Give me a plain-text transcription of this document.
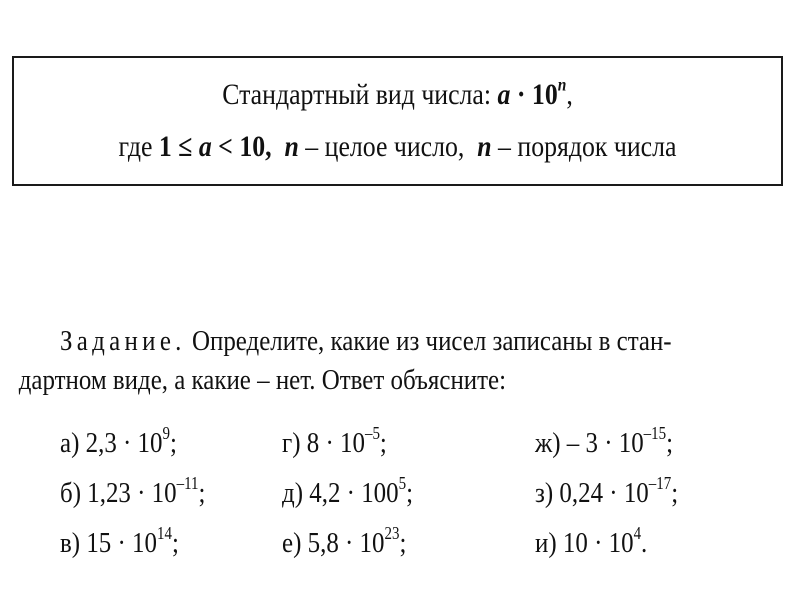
Стандартный вид числа: $a \cdot 10^n$,
где 1 ≤ a < 10, n – целое число, n – порядок числа
Задание. Определите, какие из чисел записаны в стан-
дартном виде, а какие – нет. Ответ объясните:
а) $2,3 \cdot 10^9$;	г) $8 \cdot 10^{-5}$;	$ж) - 3 \cdot 10^{-15}$;
б) $1,23 \cdot 10^{-11}$;	д) $4,2 \cdot 100^5$;	з) $0,24 \cdot 10^{-17}$;
в) $15 \cdot 10^{14}$;	е) $5,8 \cdot 10^{23}$;	и) $10 \cdot 10^4$.
